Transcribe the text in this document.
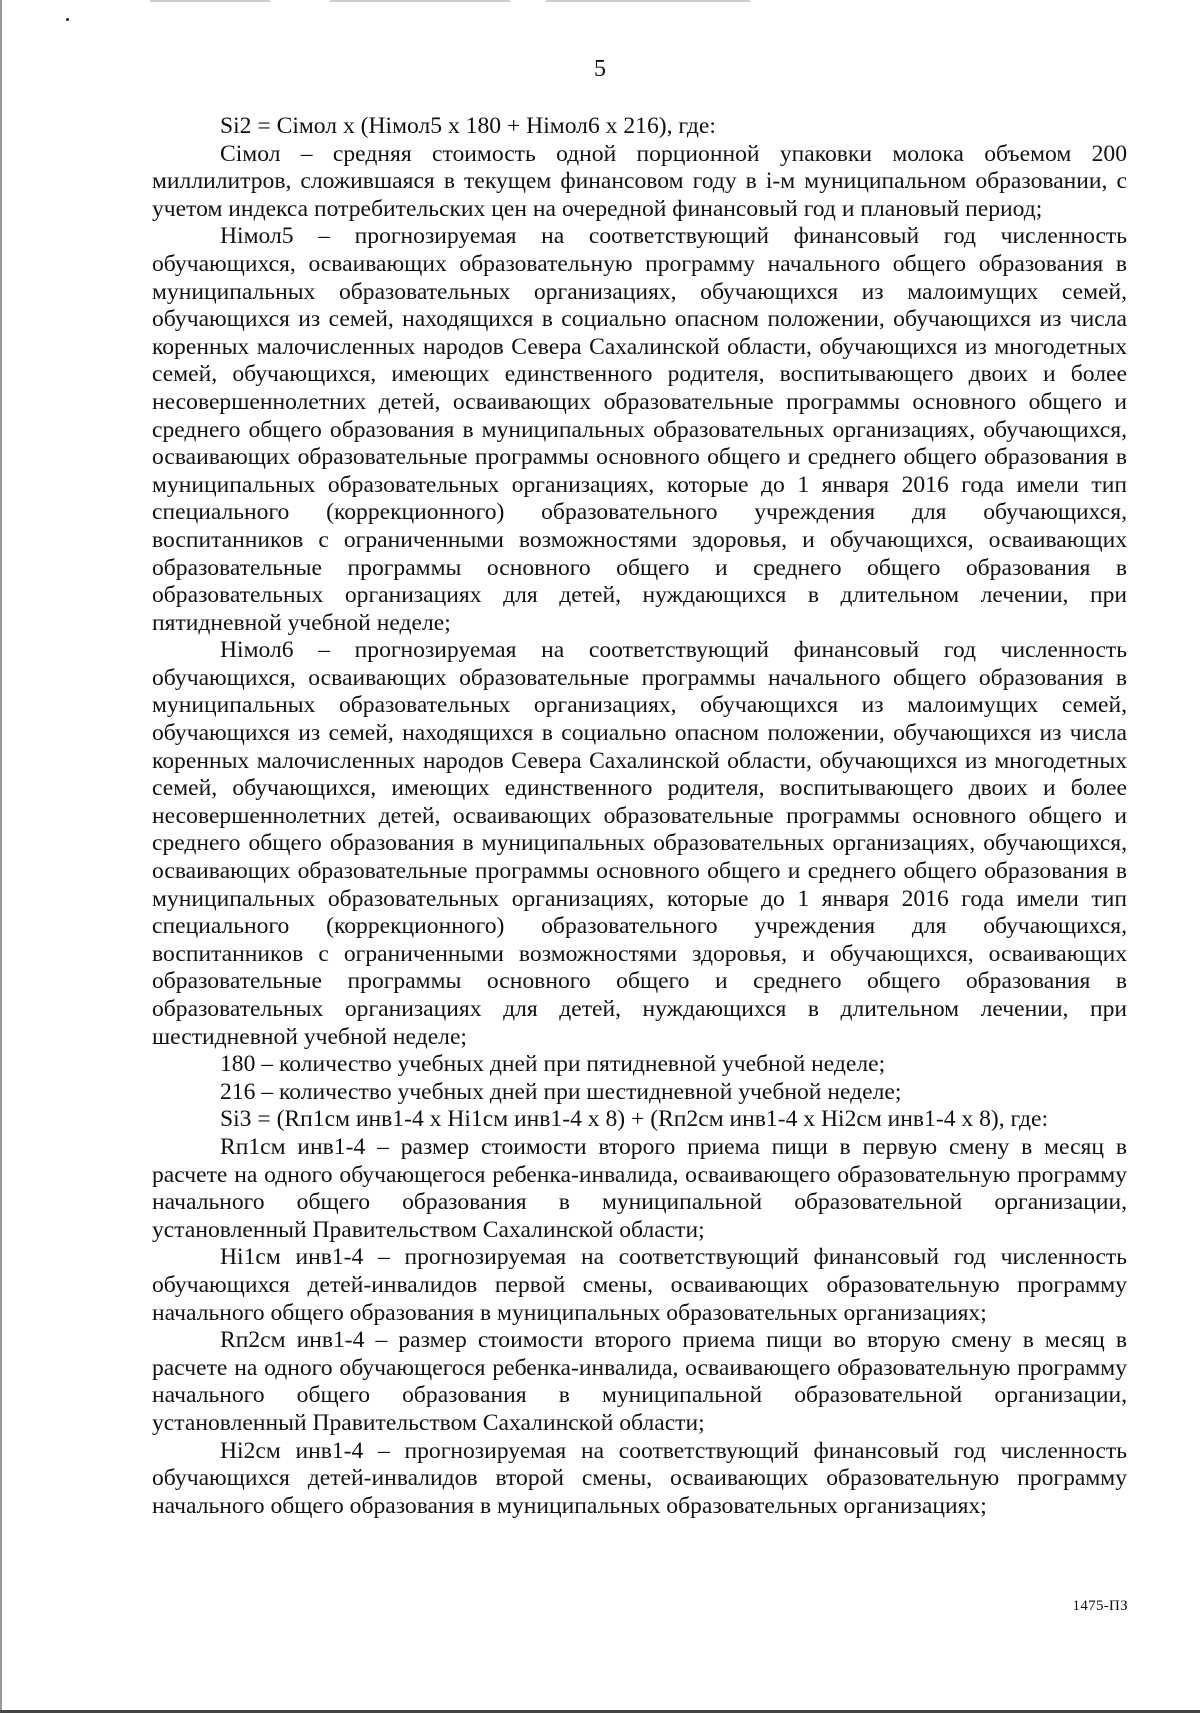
5

Si2 = Сiмол х (Нiмол5 х 180 + Нiмол6 х 216), где:

Сiмол – средняя стоимость одной порционной упаковки молока объемом 200 миллилитров, сложившаяся в текущем финансовом году в i-м муниципальном образовании, с учетом индекса потребительских цен на очередной финансовый год и плановый период;

Нiмол5 – прогнозируемая на соответствующий финансовый год численность обучающихся, осваивающих образовательную программу начального общего образования в муниципальных образовательных организациях, обучающихся из малоимущих семей, обучающихся из семей, находящихся в социально опасном положении, обучающихся из числа коренных малочисленных народов Севера Сахалинской области, обучающихся из многодетных семей, обучающихся, имеющих единственного родителя, воспитывающего двоих и более несовершеннолетних детей, осваивающих образовательные программы основного общего и среднего общего образования в муниципальных образовательных организациях, обучающихся, осваивающих образовательные программы основного общего и среднего общего образования в муниципальных образовательных организациях, которые до 1 января 2016 года имели тип специального (коррекционного) образовательного учреждения для обучающихся, воспитанников с ограниченными возможностями здоровья, и обучающихся, осваивающих образовательные программы основного общего и среднего общего образования в образовательных организациях для детей, нуждающихся в длительном лечении, при пятидневной учебной неделе;

Нiмол6 – прогнозируемая на соответствующий финансовый год численность обучающихся, осваивающих образовательные программы начального общего образования в муниципальных образовательных организациях, обучающихся из малоимущих семей, обучающихся из семей, находящихся в социально опасном положении, обучающихся из числа коренных малочисленных народов Севера Сахалинской области, обучающихся из многодетных семей, обучающихся, имеющих единственного родителя, воспитывающего двоих и более несовершеннолетних детей, осваивающих образовательные программы основного общего и среднего общего образования в муниципальных образовательных организациях, обучающихся, осваивающих образовательные программы основного общего и среднего общего образования в муниципальных образовательных организациях, которые до 1 января 2016 года имели тип специального (коррекционного) образовательного учреждения для обучающихся, воспитанников с ограниченными возможностями здоровья, и обучающихся, осваивающих образовательные программы основного общего и среднего общего образования в образовательных организациях для детей, нуждающихся в длительном лечении, при шестидневной учебной неделе;

180 – количество учебных дней при пятидневной учебной неделе;

216 – количество учебных дней при шестидневной учебной неделе;

Si3 = (Rп1см инв1-4 х Нi1см инв1-4 х 8) + (Rп2см инв1-4 х Нi2см инв1-4 х 8), где:

Rп1см инв1-4 – размер стоимости второго приема пищи в первую смену в месяц в расчете на одного обучающегося ребенка-инвалида, осваивающего образовательную программу начального общего образования в муниципальной образовательной организации, установленный Правительством Сахалинской области;

Нi1см инв1-4 – прогнозируемая на соответствующий финансовый год численность обучающихся детей-инвалидов первой смены, осваивающих образовательную программу начального общего образования в муниципальных образовательных организациях;

Rп2см инв1-4 – размер стоимости второго приема пищи во вторую смену в месяц в расчете на одного обучающегося ребенка-инвалида, осваивающего образовательную программу начального общего образования в муниципальной образовательной организации, установленный Правительством Сахалинской области;

Нi2см инв1-4 – прогнозируемая на соответствующий финансовый год численность обучающихся детей-инвалидов второй смены, осваивающих образовательную программу начального общего образования в муниципальных образовательных организациях;

1475-ПЗ
